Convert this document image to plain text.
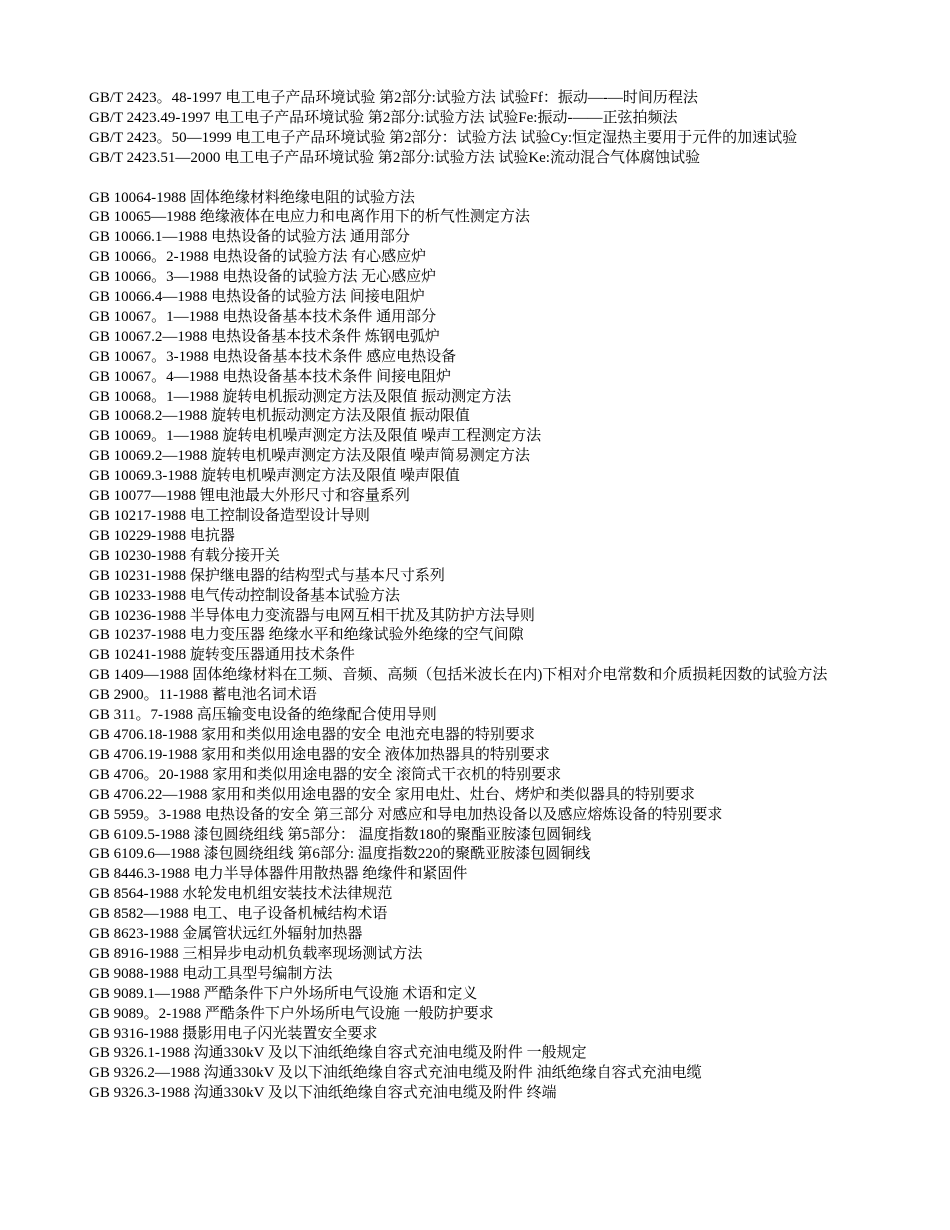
GB/T 2423。48-1997 电工电子产品环境试验 第2部分:试验方法 试验Ff：振动—-—时间历程法
GB/T 2423.49-1997 电工电子产品环境试验 第2部分:试验方法 试验Fe:振动-——正弦拍频法
GB/T 2423。50—1999 电工电子产品环境试验 第2部分：试验方法 试验Cy:恒定湿热主要用于元件的加速试验
GB/T 2423.51—2000 电工电子产品环境试验 第2部分:试验方法 试验Ke:流动混合气体腐蚀试验
GB 10064-1988 固体绝缘材料绝缘电阻的试验方法
GB 10065—1988 绝缘液体在电应力和电离作用下的析气性测定方法
GB 10066.1—1988 电热设备的试验方法 通用部分
GB 10066。2-1988 电热设备的试验方法 有心感应炉
GB 10066。3—1988 电热设备的试验方法 无心感应炉
GB 10066.4—1988 电热设备的试验方法 间接电阻炉
GB 10067。1—1988 电热设备基本技术条件 通用部分
GB 10067.2—1988 电热设备基本技术条件 炼钢电弧炉
GB 10067。3-1988 电热设备基本技术条件 感应电热设备
GB 10067。4—1988 电热设备基本技术条件 间接电阻炉
GB 10068。1—1988 旋转电机振动测定方法及限值 振动测定方法
GB 10068.2—1988 旋转电机振动测定方法及限值 振动限值
GB 10069。1—1988 旋转电机噪声测定方法及限值 噪声工程测定方法
GB 10069.2—1988 旋转电机噪声测定方法及限值 噪声简易测定方法
GB 10069.3-1988 旋转电机噪声测定方法及限值 噪声限值
GB 10077—1988 锂电池最大外形尺寸和容量系列
GB 10217-1988 电工控制设备造型设计导则
GB 10229-1988 电抗器
GB 10230-1988 有载分接开关
GB 10231-1988 保护继电器的结构型式与基本尺寸系列
GB 10233-1988 电气传动控制设备基本试验方法
GB 10236-1988 半导体电力变流器与电网互相干扰及其防护方法导则
GB 10237-1988 电力变压器 绝缘水平和绝缘试验外绝缘的空气间隙
GB 10241-1988 旋转变压器通用技术条件
GB 1409—1988 固体绝缘材料在工频、音频、高频（包括米波长在内)下相对介电常数和介质损耗因数的试验方法
GB 2900。11-1988 蓄电池名词术语
GB 311。7-1988 高压输变电设备的绝缘配合使用导则
GB 4706.18-1988 家用和类似用途电器的安全 电池充电器的特别要求
GB 4706.19-1988 家用和类似用途电器的安全 液体加热器具的特别要求
GB 4706。20-1988 家用和类似用途电器的安全 滚筒式干衣机的特别要求
GB 4706.22—1988 家用和类似用途电器的安全 家用电灶、灶台、烤炉和类似器具的特别要求
GB 5959。3-1988 电热设备的安全 第三部分 对感应和导电加热设备以及感应熔炼设备的特别要求
GB 6109.5-1988 漆包圆绕组线 第5部分： 温度指数180的聚酯亚胺漆包圆铜线
GB 6109.6—1988 漆包圆绕组线 第6部分: 温度指数220的聚酰亚胺漆包圆铜线
GB 8446.3-1988 电力半导体器件用散热器 绝缘件和紧固件
GB 8564-1988 水轮发电机组安装技术法律规范
GB 8582—1988 电工、电子设备机械结构术语
GB 8623-1988 金属管状远红外辐射加热器
GB 8916-1988 三相异步电动机负载率现场测试方法
GB 9088-1988 电动工具型号编制方法
GB 9089.1—1988 严酷条件下户外场所电气设施 术语和定义
GB 9089。2-1988 严酷条件下户外场所电气设施 一般防护要求
GB 9316-1988 摄影用电子闪光装置安全要求
GB 9326.1-1988 沟通330kV 及以下油纸绝缘自容式充油电缆及附件 一般规定
GB 9326.2—1988 沟通330kV 及以下油纸绝缘自容式充油电缆及附件 油纸绝缘自容式充油电缆
GB 9326.3-1988 沟通330kV 及以下油纸绝缘自容式充油电缆及附件 终端
